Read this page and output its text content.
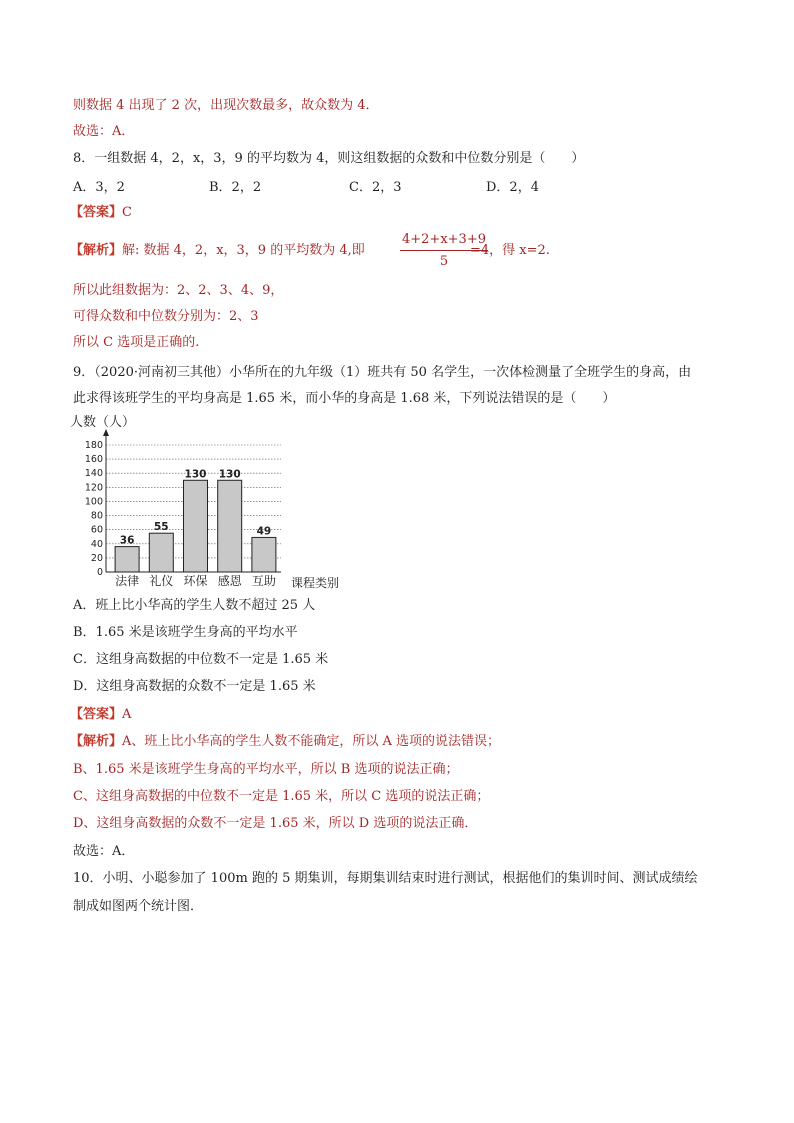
则数据 4 出现了 2 次，出现次数最多，故众数为 4．
故选：A．
8．一组数据 4，2，x，3，9 的平均数为 4，则这组数据的众数和中位数分别是（　　）
A．3，2	B．2，2	C．2，3	D．2，4
【答案】C
【解析】解: 数据 4，2，x，3，9 的平均数为 4,即
4+2+x+3+9
5
=4，得 x=2.
所以此组数据为：2、2、3、4、9，
可得众数和中位数分别为：2、3
所以 C 选项是正确的.
9．（2020·河南初三其他）小华所在的九年级（1）班共有 50 名学生，一次体检测量了全班学生的身高，由
此求得该班学生的平均身高是 1.65 米，而小华的身高是 1.68 米，下列说法错误的是（　　）
36
55
130 130
49
0
20
40
60
80
100
120
140
160
180
法律 礼仪 环保 感恩 互助
人数（人）
课程类别
A．班上比小华高的学生人数不超过 25 人
B．1.65 米是该班学生身高的平均水平
C．这组身高数据的中位数不一定是 1.65 米
D．这组身高数据的众数不一定是 1.65 米
【答案】A
【解析】A、班上比小华高的学生人数不能确定，所以 A 选项的说法错误；
B、1.65 米是该班学生身高的平均水平，所以 B 选项的说法正确；
C、这组身高数据的中位数不一定是 1.65 米，所以 C 选项的说法正确；
D、这组身高数据的众数不一定是 1.65 米，所以 D 选项的说法正确．
故选：A．
10．小明、小聪参加了 100m 跑的 5 期集训，每期集训结束时进行测试，根据他们的集训时间、测试成绩绘
制成如图两个统计图．
